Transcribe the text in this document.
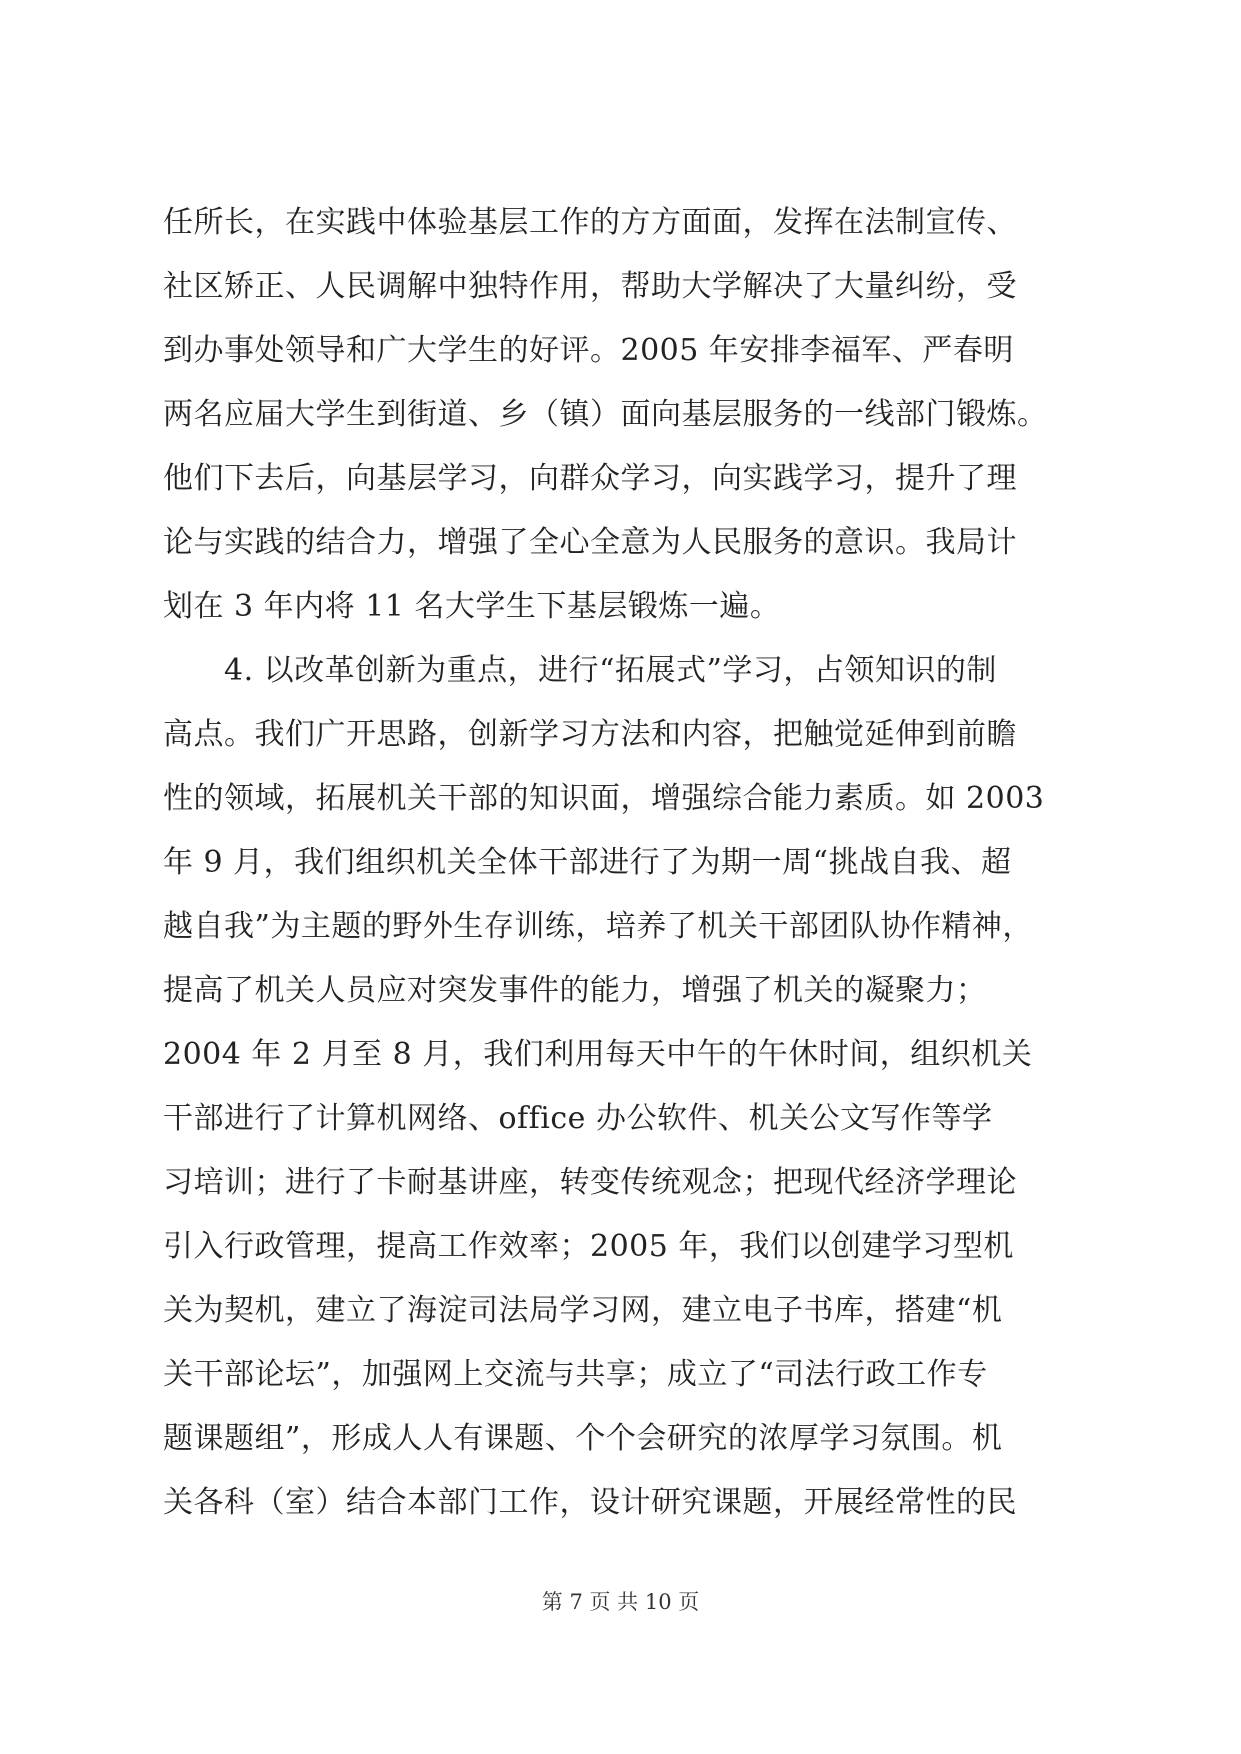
任所长，在实践中体验基层工作的方方面面，发挥在法制宣传、
社区矫正、人民调解中独特作用，帮助大学解决了大量纠纷，受
到办事处领导和广大学生的好评。2005 年安排李福军、严春明
两名应届大学生到街道、乡（镇）面向基层服务的一线部门锻炼。
他们下去后，向基层学习，向群众学习，向实践学习，提升了理
论与实践的结合力，增强了全心全意为人民服务的意识。我局计
划在 3 年内将 11 名大学生下基层锻炼一遍。
　　4. 以改革创新为重点，进行“拓展式”学习，占领知识的制
高点。我们广开思路，创新学习方法和内容，把触觉延伸到前瞻
性的领域，拓展机关干部的知识面，增强综合能力素质。如 2003
年 9 月，我们组织机关全体干部进行了为期一周“挑战自我、超
越自我”为主题的野外生存训练，培养了机关干部团队协作精神，
提高了机关人员应对突发事件的能力，增强了机关的凝聚力；
2004 年 2 月至 8 月，我们利用每天中午的午休时间，组织机关
干部进行了计算机网络、office 办公软件、机关公文写作等学
习培训；进行了卡耐基讲座，转变传统观念；把现代经济学理论
引入行政管理，提高工作效率；2005 年，我们以创建学习型机
关为契机，建立了海淀司法局学习网，建立电子书库，搭建“机
关干部论坛”，加强网上交流与共享；成立了“司法行政工作专
题课题组”，形成人人有课题、个个会研究的浓厚学习氛围。机
关各科（室）结合本部门工作，设计研究课题，开展经常性的民
第 7 页 共 10 页
